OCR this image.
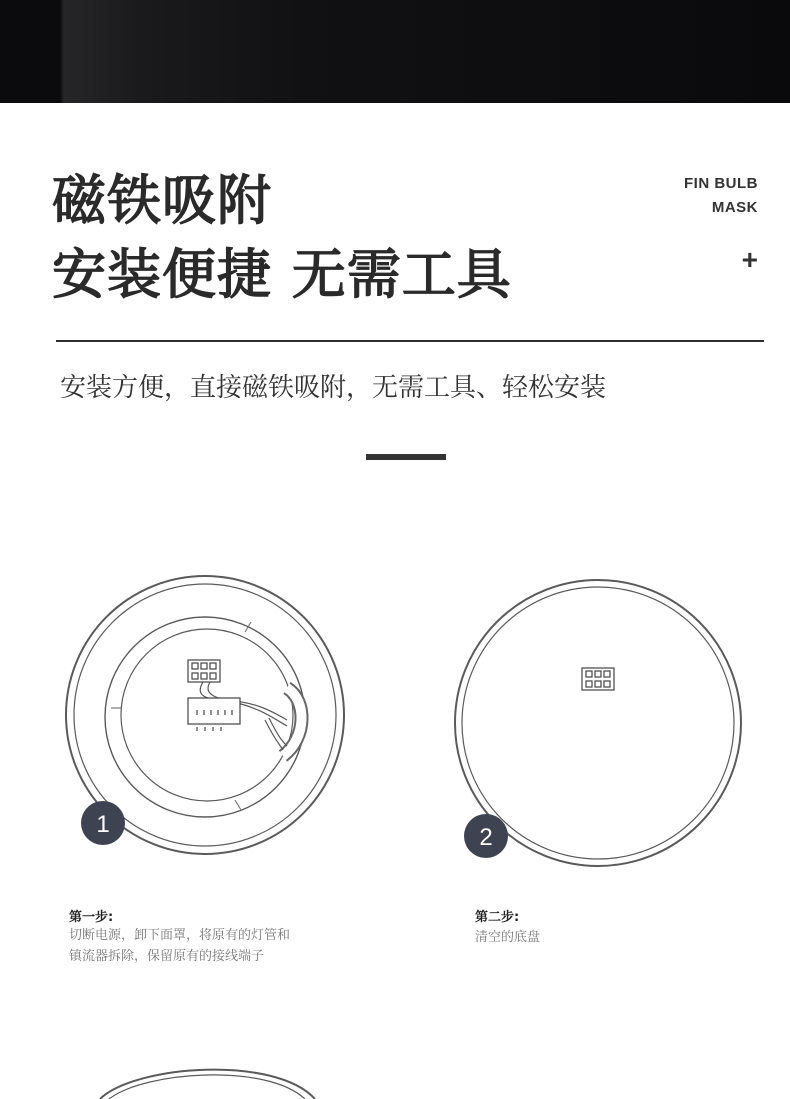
磁铁吸附
安装便捷 无需工具
FIN BULB
MASK
+
安装方便，直接磁铁吸附，无需工具、轻松安装
1	2
第一步:
切断电源，卸下面罩，将原有的灯管和
镇流器拆除，保留原有的接线端子
第二步:
清空的底盘
